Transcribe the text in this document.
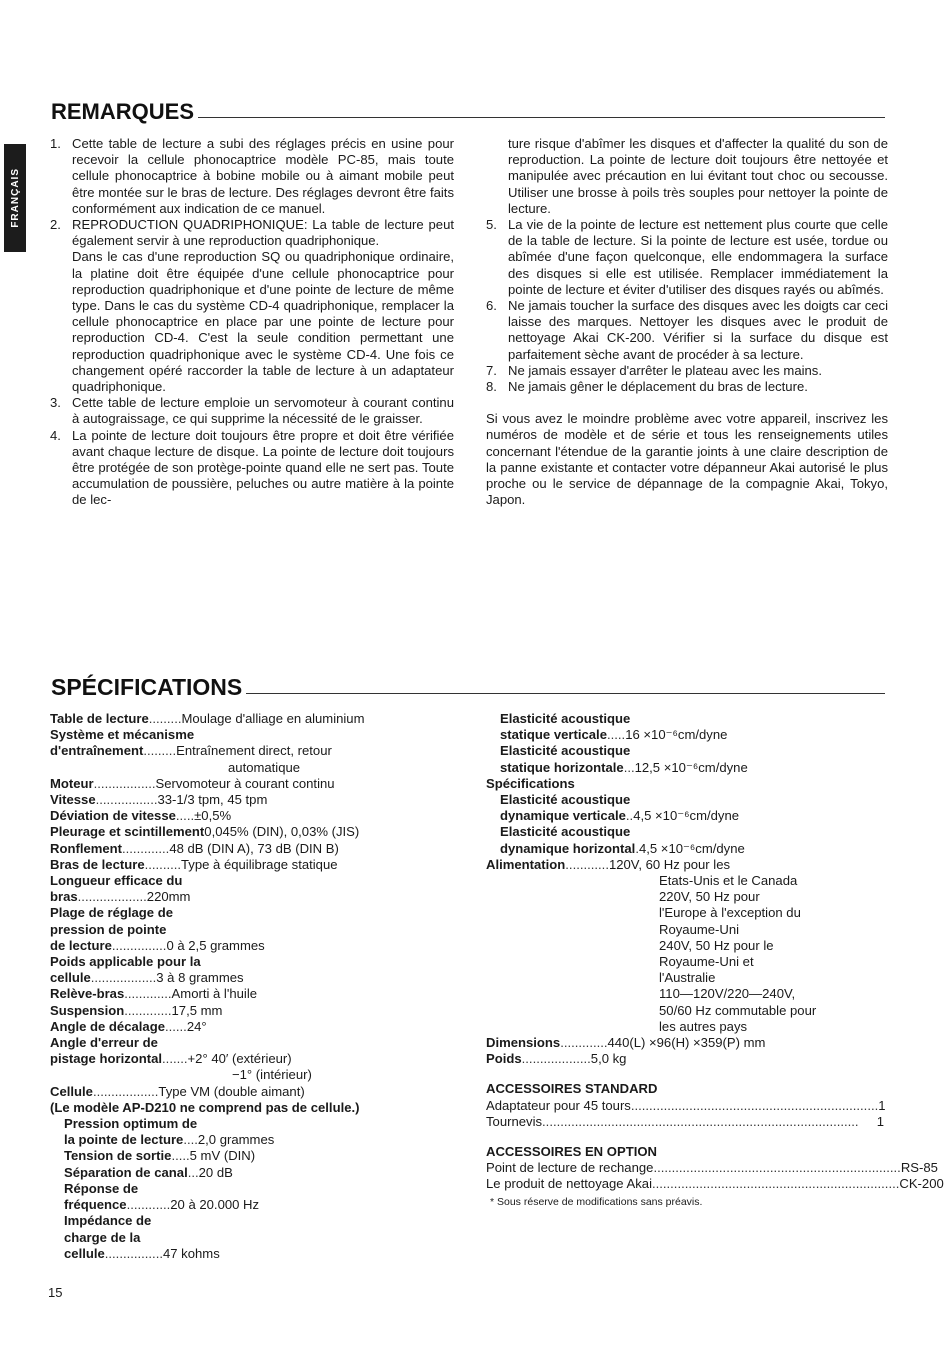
FRANÇAIS
REMARQUES
1. Cette table de lecture a subi des réglages précis en usine pour recevoir la cellule phonocaptrice modèle PC-85, mais toute cellule phonocaptrice à bobine mobile ou à aimant mobile peut être montée sur le bras de lecture. Des réglages devront être faits conformément aux indication de ce manuel.
2. REPRODUCTION QUADRIPHONIQUE: La table de lecture peut également servir à une reproduction quadriphonique.
Dans le cas d'une reproduction SQ ou quadriphonique ordinaire, la platine doit être équipée d'une cellule phonocaptrice pour reproduction quadriphonique et d'une pointe de lecture de même type. Dans le cas du système CD-4 quadriphonique, remplacer la cellule phonocaptrice en place par une pointe de lecture pour reproduction CD-4. C'est la seule condition permettant une reproduction quadriphonique avec le système CD-4. Une fois ce changement opéré raccorder la table de lecture à un adaptateur quadriphonique.
3. Cette table de lecture emploie un servomoteur à courant continu à autograissage, ce qui supprime la nécessité de le graisser.
4. La pointe de lecture doit toujours être propre et doit être vérifiée avant chaque lecture de disque. La pointe de lecture doit toujours être protégée de son protège-pointe quand elle ne sert pas. Toute accumulation de poussière, peluches ou autre matière à la pointe de lec-
ture risque d'abîmer les disques et d'affecter la qualité du son de reproduction. La pointe de lecture doit toujours être nettoyée et manipulée avec précaution en lui évitant tout choc ou secousse. Utiliser une brosse à poils très souples pour nettoyer la pointe de lecture.
5. La vie de la pointe de lecture est nettement plus courte que celle de la table de lecture. Si la pointe de lecture est usée, tordue ou abîmée d'une façon quelconque, elle endommagera la surface des disques si elle est utilisée. Remplacer immédiatement la pointe de lecture et éviter d'utiliser des disques rayés ou abîmés.
6. Ne jamais toucher la surface des disques avec les doigts car ceci laisse des marques. Nettoyer les disques avec le produit de nettoyage Akai CK-200. Vérifier si la surface du disque est parfaitement sèche avant de procéder à sa lecture.
7. Ne jamais essayer d'arrêter le plateau avec les mains.
8. Ne jamais gêner le déplacement du bras de lecture.
Si vous avez le moindre problème avec votre appareil, inscrivez les numéros de modèle et de série et tous les renseignements utiles concernant l'étendue de la garantie joints à une claire description de la panne existante et contacter votre dépanneur Akai autorisé le plus proche ou le service de dépannage de la compagnie Akai, Tokyo, Japon.
SPÉCIFICATIONS
Table de lecture ......... Moulage d'alliage en aluminium
Système et mécanisme
d'entraînement ......... Entraînement direct, retour
automatique
Moteur ................. Servomoteur à courant continu
Vitesse ................. 33-1/3 tpm, 45 tpm
Déviation de vitesse ..... ±0,5%
Pleurage et scintillement 0,045% (DIN), 0,03% (JIS)
Ronflement ............. 48 dB (DIN A), 73 dB (DIN B)
Bras de lecture .......... Type à équilibrage statique
Longueur efficace du
bras ................... 220mm
Plage de réglage de
pression de pointe
de lecture ............... 0 à 2,5 grammes
Poids applicable pour la
cellule .................. 3 à 8 grammes
Relève-bras ............. Amorti à l'huile
Suspension ............. 17,5 mm
Angle de décalage ...... 24°
Angle d'erreur de
pistage horizontal ....... +2° 40′ (extérieur)
−1° (intérieur)
Cellule .................. Type VM (double aimant)
(Le modèle AP-D210 ne comprend pas de cellule.)
Pression optimum de
la pointe de lecture .... 2,0 grammes
Tension de sortie ..... 5 mV (DIN)
Séparation de canal ... 20 dB
Réponse de
fréquence ............ 20 à 20.000 Hz
Impédance de
charge de la
cellule ................ 47 kohms
Elasticité acoustique
statique verticale ..... 16 ×10⁻⁶cm/dyne
Elasticité acoustique
statique horizontale ... 12,5 ×10⁻⁶cm/dyne
Spécifications
Elasticité acoustique
dynamique verticale .. 4,5 ×10⁻⁶cm/dyne
Elasticité acoustique
dynamique horizontal . 4,5 ×10⁻⁶cm/dyne
Alimentation ............ 120V, 60 Hz pour les
Etats-Unis et le Canada
220V, 50 Hz pour
l'Europe à l'exception du
Royaume-Uni
240V, 50 Hz pour le
Royaume-Uni et
l'Australie
110—120V/220—240V,
50/60 Hz commutable pour
les autres pays
Dimensions ............. 440(L) ×96(H) ×359(P) mm
Poids ................... 5,0 kg
ACCESSOIRES STANDARD
Adaptateur pour 45 tours .................................................................... 1
Tournevis .......................................................................................	1
ACCESSOIRES EN OPTION
Point de lecture de rechange .................................................................... RS-85
Le produit de nettoyage Akai .................................................................... CK-200
* Sous réserve de modifications sans préavis.
15
